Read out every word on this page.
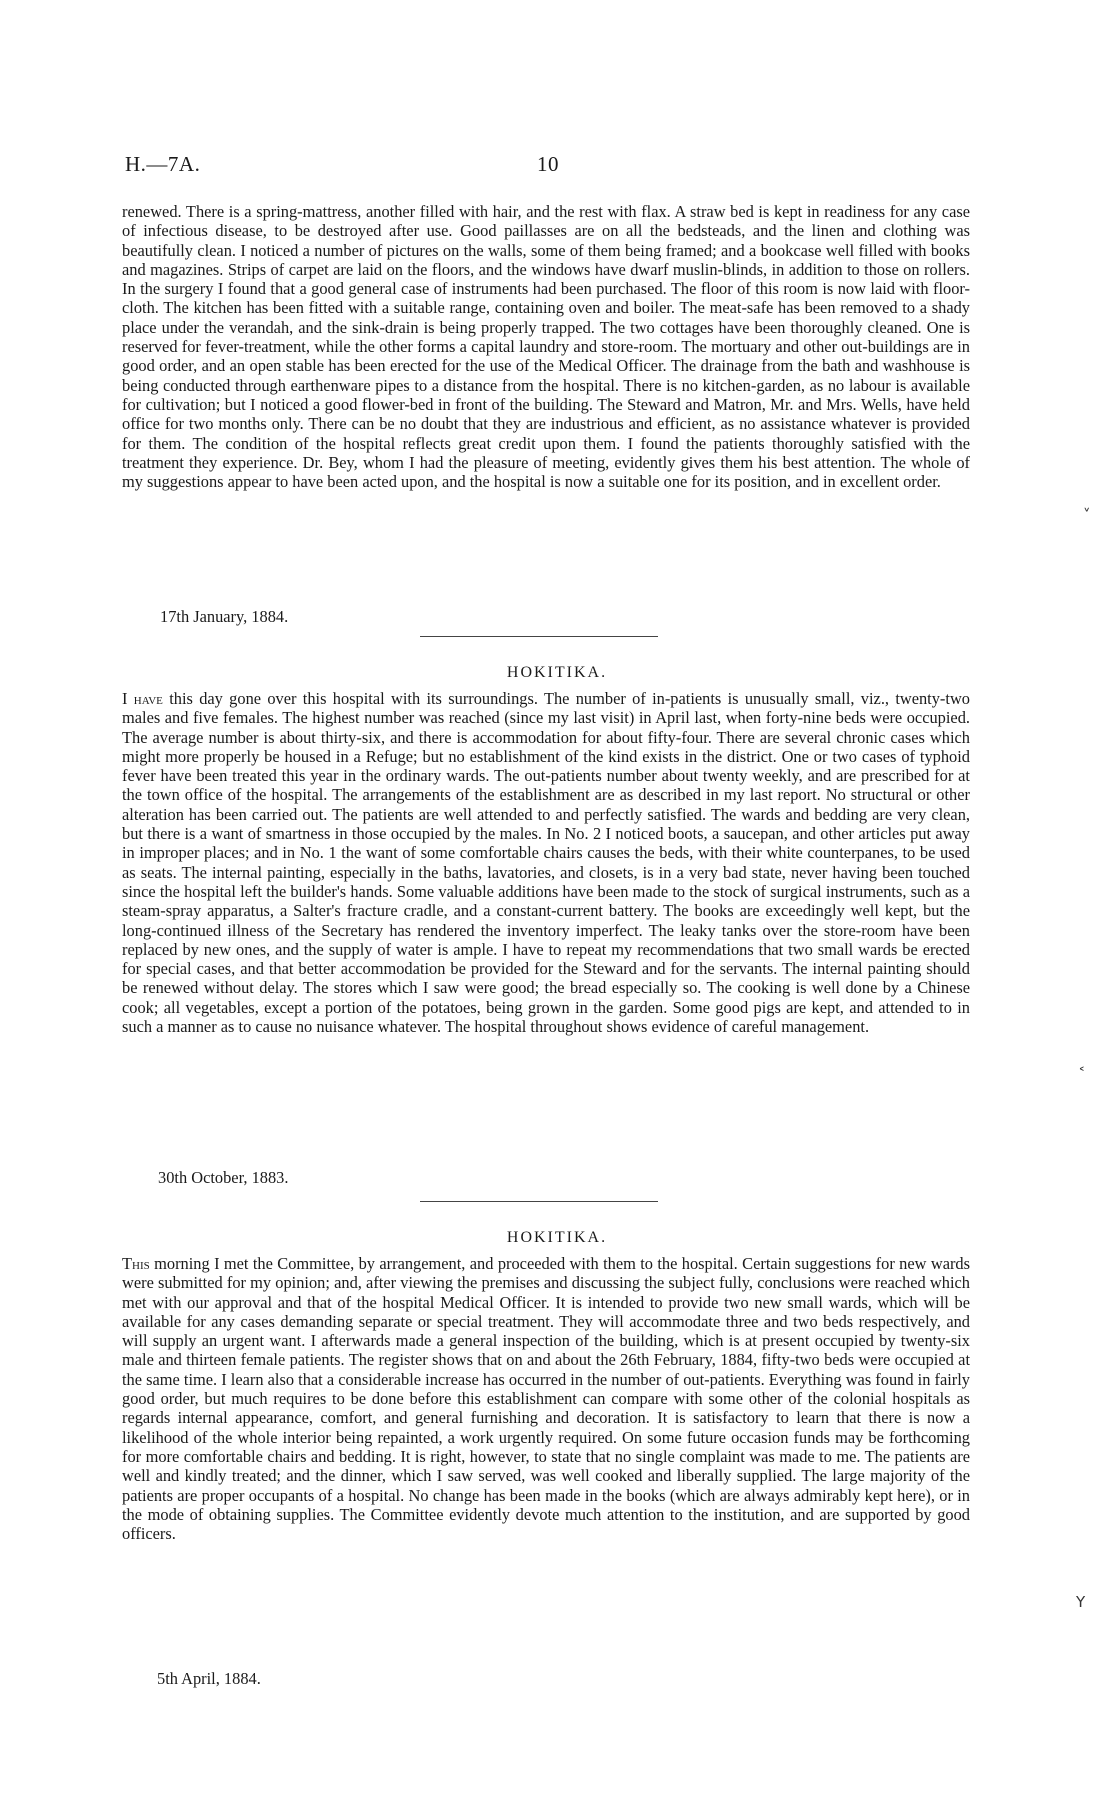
H.—7A.	10

renewed. There is a spring-mattress, another filled with hair, and the rest with flax. A straw bed is kept in readiness for any case of infectious disease, to be destroyed after use. Good paillasses are on all the bedsteads, and the linen and clothing was beautifully clean. I noticed a number of pictures on the walls, some of them being framed; and a bookcase well filled with books and magazines. Strips of carpet are laid on the floors, and the windows have dwarf muslin-blinds, in addition to those on rollers. In the surgery I found that a good general case of instruments had been purchased. The floor of this room is now laid with floor-cloth. The kitchen has been fitted with a suitable range, containing oven and boiler. The meat-safe has been removed to a shady place under the verandah, and the sink-drain is being properly trapped. The two cottages have been thoroughly cleaned. One is reserved for fever-treatment, while the other forms a capital laundry and store-room. The mortuary and other out-buildings are in good order, and an open stable has been erected for the use of the Medical Officer. The drainage from the bath and washhouse is being conducted through earthenware pipes to a distance from the hospital. There is no kitchen-garden, as no labour is available for cultivation; but I noticed a good flower-bed in front of the building. The Steward and Matron, Mr. and Mrs. Wells, have held office for two months only. There can be no doubt that they are industrious and efficient, as no assistance whatever is provided for them. The condition of the hospital reflects great credit upon them. I found the patients thoroughly satisfied with the treatment they experience. Dr. Bey, whom I had the pleasure of meeting, evidently gives them his best attention. The whole of my suggestions appear to have been acted upon, and the hospital is now a suitable one for its position, and in excellent order.

17th January, 1884.
HOKITIKA.

I have this day gone over this hospital with its surroundings. The number of in-patients is unusually small, viz., twenty-two males and five females. The highest number was reached (since my last visit) in April last, when forty-nine beds were occupied. The average number is about thirty-six, and there is accommodation for about fifty-four. There are several chronic cases which might more properly be housed in a Refuge; but no establishment of the kind exists in the district. One or two cases of typhoid fever have been treated this year in the ordinary wards. The out-patients number about twenty weekly, and are prescribed for at the town office of the hospital. The arrangements of the establishment are as described in my last report. No structural or other alteration has been carried out. The patients are well attended to and perfectly satisfied. The wards and bedding are very clean, but there is a want of smartness in those occupied by the males. In No. 2 I noticed boots, a saucepan, and other articles put away in improper places; and in No. 1 the want of some comfortable chairs causes the beds, with their white counterpanes, to be used as seats. The internal painting, especially in the baths, lavatories, and closets, is in a very bad state, never having been touched since the hospital left the builder's hands. Some valuable additions have been made to the stock of surgical instruments, such as a steam-spray apparatus, a Salter's fracture cradle, and a constant-current battery. The books are exceedingly well kept, but the long-continued illness of the Secretary has rendered the inventory imperfect. The leaky tanks over the store-room have been replaced by new ones, and the supply of water is ample. I have to repeat my recommendations that two small wards be erected for special cases, and that better accommodation be provided for the Steward and for the servants. The internal painting should be renewed without delay. The stores which I saw were good; the bread especially so. The cooking is well done by a Chinese cook; all vegetables, except a portion of the potatoes, being grown in the garden. Some good pigs are kept, and attended to in such a manner as to cause no nuisance whatever. The hospital throughout shows evidence of careful management.

30th October, 1883.
HOKITIKA.

This morning I met the Committee, by arrangement, and proceeded with them to the hospital. Certain suggestions for new wards were submitted for my opinion; and, after viewing the premises and discussing the subject fully, conclusions were reached which met with our approval and that of the hospital Medical Officer. It is intended to provide two new small wards, which will be available for any cases demanding separate or special treatment. They will accommodate three and two beds respectively, and will supply an urgent want. I afterwards made a general inspection of the building, which is at present occupied by twenty-six male and thirteen female patients. The register shows that on and about the 26th February, 1884, fifty-two beds were occupied at the same time. I learn also that a considerable increase has occurred in the number of out-patients. Everything was found in fairly good order, but much requires to be done before this establishment can compare with some other of the colonial hospitals as regards internal appearance, comfort, and general furnishing and decoration. It is satisfactory to learn that there is now a likelihood of the whole interior being repainted, a work urgently required. On some future occasion funds may be forthcoming for more comfortable chairs and bedding. It is right, however, to state that no single complaint was made to me. The patients are well and kindly treated; and the dinner, which I saw served, was well cooked and liberally supplied. The large majority of the patients are proper occupants of a hospital. No change has been made in the books (which are always admirably kept here), or in the mode of obtaining supplies. The Committee evidently devote much attention to the institution, and are supported by good officers.

5th April, 1884.
˅
˂
Y
